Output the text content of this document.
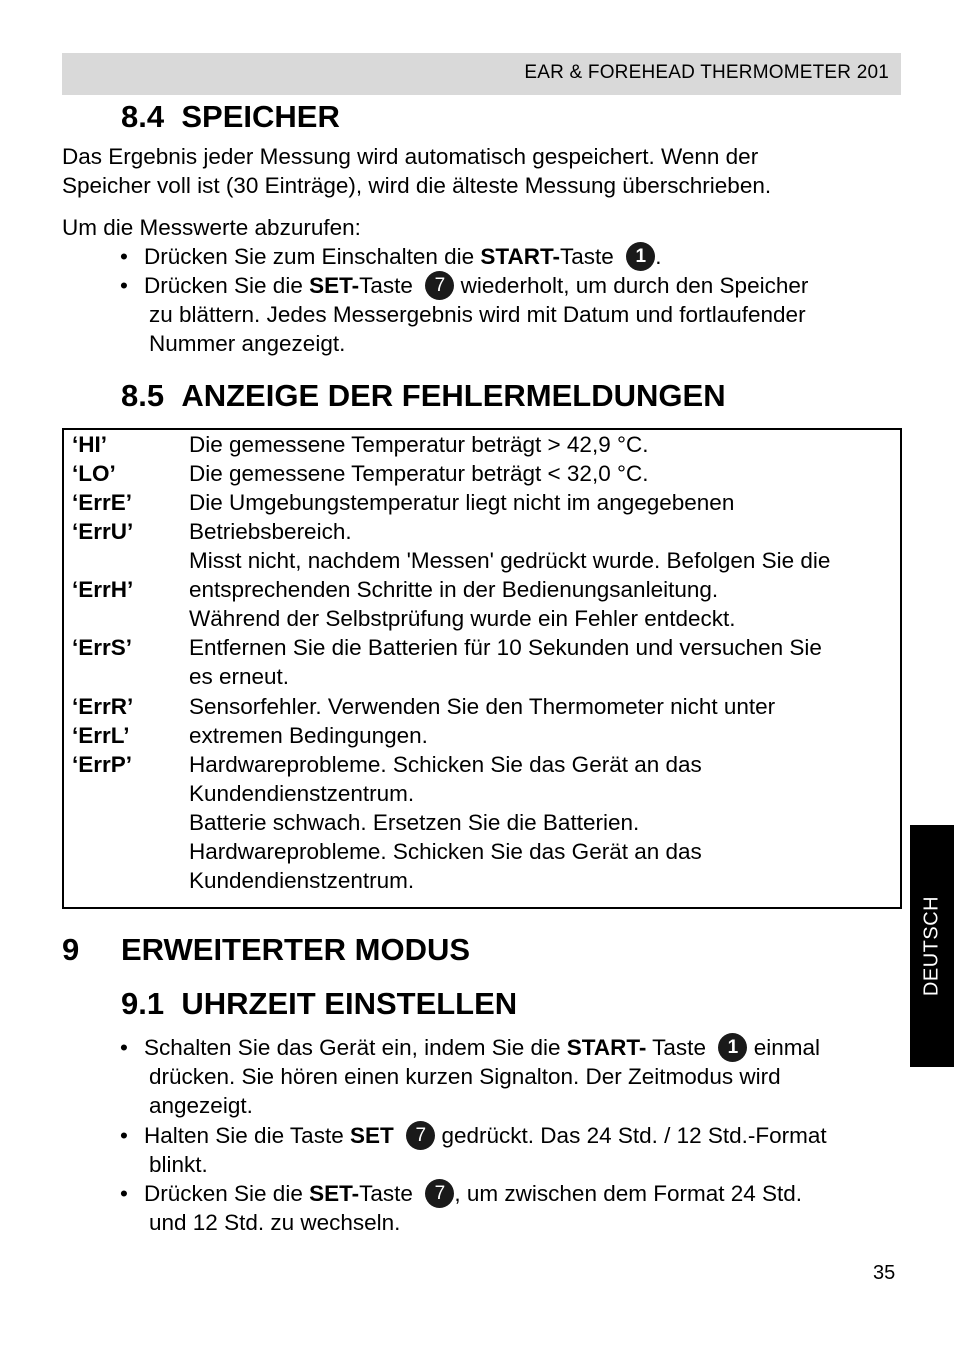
EAR & FOREHEAD THERMOMETER 201
8.4 SPEICHER

Das Ergebnis jeder Messung wird automatisch gespeichert. Wenn der

Speicher voll ist (30 Einträge), wird die älteste Messung überschrieben.

Um die Messwerte abzurufen:

• Drücken Sie zum Einschalten die START-Taste 1 .
• Drücken Sie die SET-Taste 7 wiederholt, um durch den Speicher
zu blättern. Jedes Messergebnis wird mit Datum und fortlaufender
Nummer angezeigt.
8.5 ANZEIGE DER FEHLERMELDUNGEN
‘HI’
‘LO’
‘ErrE’
‘ErrU’
‘ErrH’
‘ErrS’
‘ErrR’
‘ErrL’
‘ErrP’
Die gemessene Temperatur beträgt > 42,9 °C.
Die gemessene Temperatur beträgt < 32,0 °C.
Die Umgebungstemperatur liegt nicht im angegebenen
Betriebsbereich.
Misst nicht, nachdem 'Messen' gedrückt wurde. Befolgen Sie die
entsprechenden Schritte in der Bedienungsanleitung.
Während der Selbstprüfung wurde ein Fehler entdeckt.
Entfernen Sie die Batterien für 10 Sekunden und versuchen Sie
es erneut.
Sensorfehler. Verwenden Sie den Thermometer nicht unter
extremen Bedingungen.
Hardwareprobleme. Schicken Sie das Gerät an das
Kundendienstzentrum.
Batterie schwach. Ersetzen Sie die Batterien.
Hardwareprobleme. Schicken Sie das Gerät an das
Kundendienstzentrum.
9 ERWEITERTER MODUS
9.1 UHRZEIT EINSTELLEN
• Schalten Sie das Gerät ein, indem Sie die START- Taste 1 einmal
drücken. Sie hören einen kurzen Signalton. Der Zeitmodus wird
angezeigt.
• Halten Sie die Taste SET 7 gedrückt. Das 24 Std. / 12 Std.-Format
blinkt.
• Drücken Sie die SET-Taste 7 , um zwischen dem Format 24 Std.
und 12 Std. zu wechseln.
DEUTSCH
35
